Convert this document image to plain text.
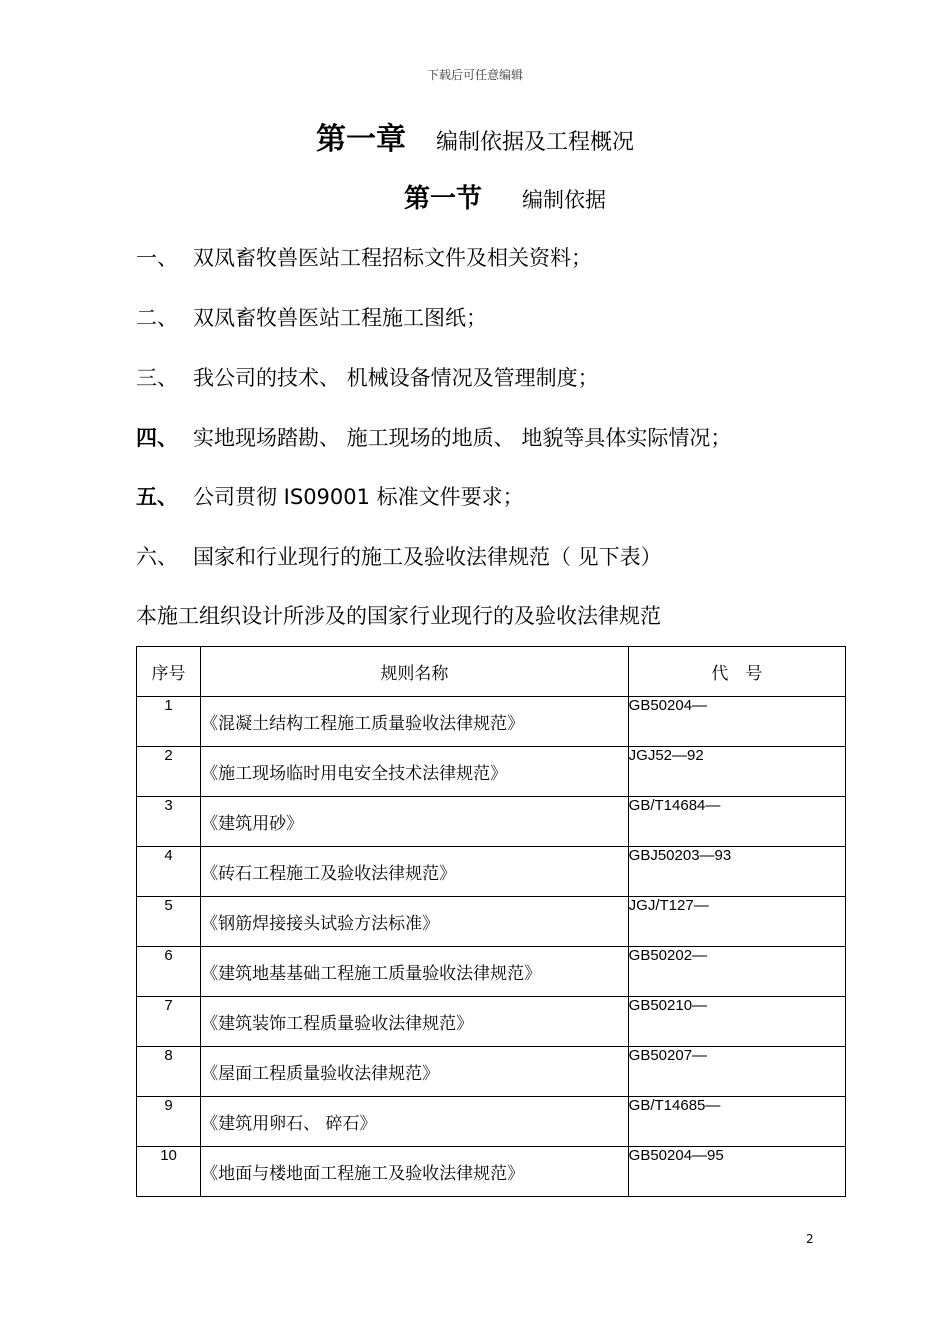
下载后可任意编辑
第一章 编制依据及工程概况
第一节 编制依据
一、 双凤畜牧兽医站工程招标文件及相关资料；
二、 双凤畜牧兽医站工程施工图纸；
三、 我公司的技术、 机械设备情况及管理制度；
四、 实地现场踏勘、 施工现场的地质、 地貌等具体实际情况；
五、 公司贯彻 IS09001 标准文件要求；
六、 国家和行业现行的施工及验收法律规范（ 见下表）
本施工组织设计所涉及的国家行业现行的及验收法律规范
序号	规则名称	代　号
1	《混凝土结构工程施工质量验收法律规范》	GB50204—
2	《施工现场临时用电安全技术法律规范》	JGJ52—92
3	《建筑用砂》	GB/T14684—
4	《砖石工程施工及验收法律规范》	GBJ50203—93
5	《钢筋焊接接头试验方法标准》	JGJ/T127—
6	《建筑地基基础工程施工质量验收法律规范》	GB50202—
7	《建筑装饰工程质量验收法律规范》	GB50210—
8	《屋面工程质量验收法律规范》	GB50207—
9	《建筑用卵石、 碎石》	GB/T14685—
10	《地面与楼地面工程施工及验收法律规范》	GB50204—95
2
